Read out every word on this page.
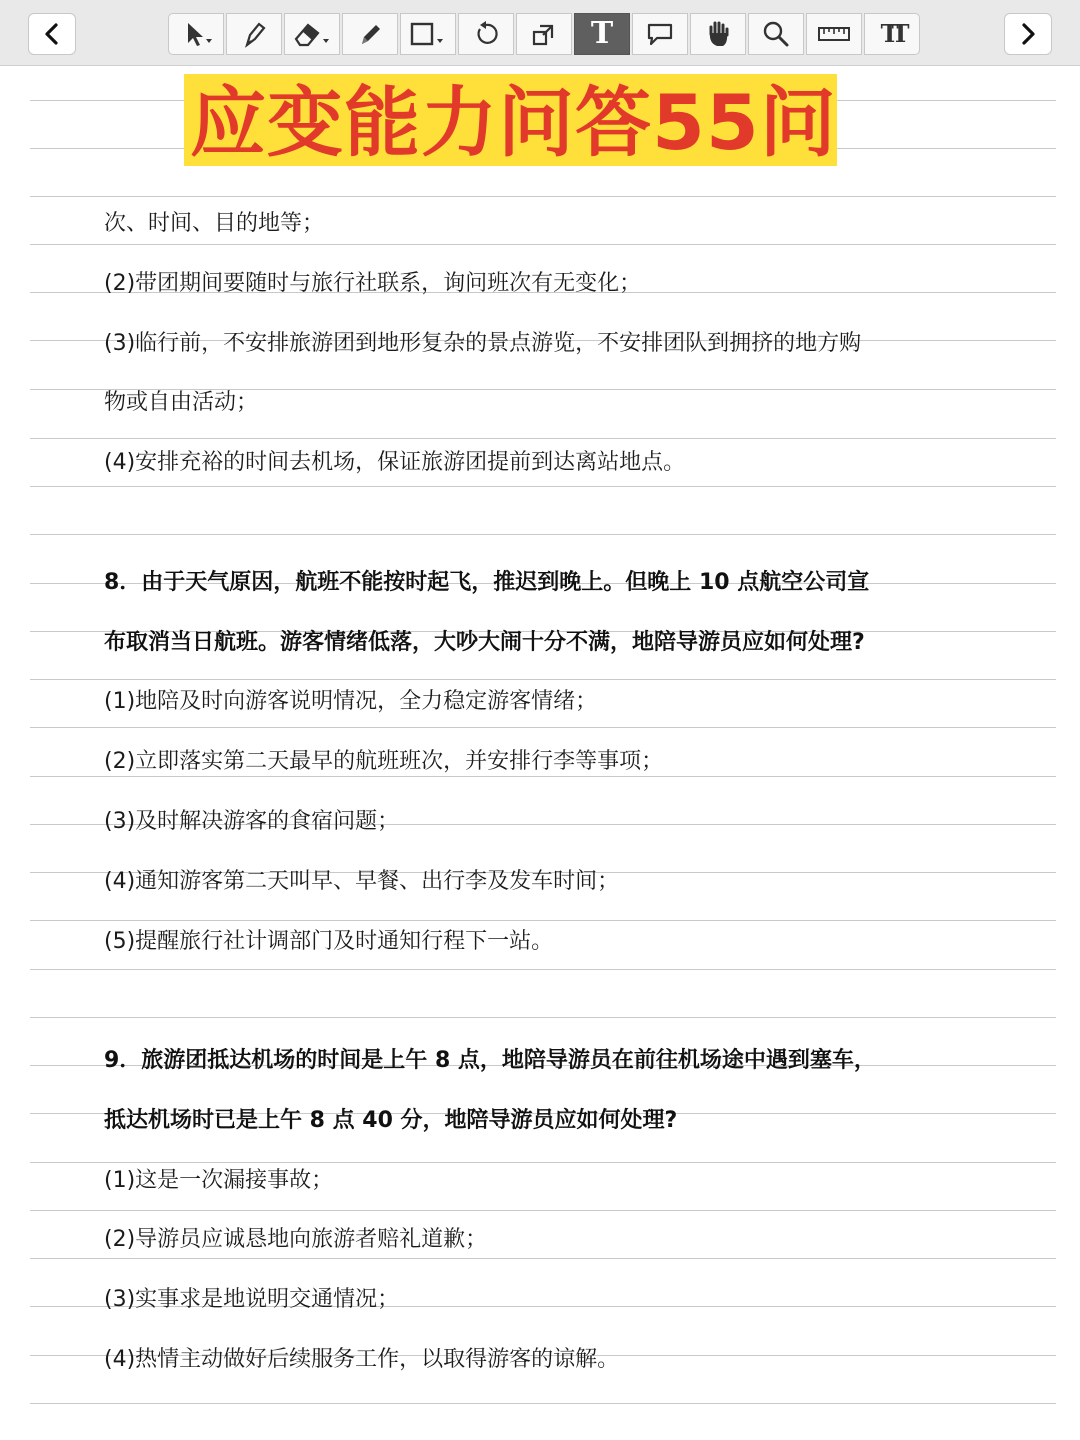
T	TT
应变能力问答55问
次、时间、目的地等；
(2)带团期间要随时与旅行社联系，询问班次有无变化；
(3)临行前，不安排旅游团到地形复杂的景点游览，不安排团队到拥挤的地方购
物或自由活动；
(4)安排充裕的时间去机场，保证旅游团提前到达离站地点。
8．由于天气原因，航班不能按时起飞，推迟到晚上。但晚上 10 点航空公司宣
布取消当日航班。游客情绪低落，大吵大闹十分不满，地陪导游员应如何处理?
(1)地陪及时向游客说明情况，全力稳定游客情绪；
(2)立即落实第二天最早的航班班次，并安排行李等事项；
(3)及时解决游客的食宿问题；
(4)通知游客第二天叫早、早餐、出行李及发车时间；
(5)提醒旅行社计调部门及时通知行程下一站。
9．旅游团抵达机场的时间是上午 8 点，地陪导游员在前往机场途中遇到塞车，
抵达机场时已是上午 8 点 40 分，地陪导游员应如何处理?
(1)这是一次漏接事故；
(2)导游员应诚恳地向旅游者赔礼道歉；
(3)实事求是地说明交通情况；
(4)热情主动做好后续服务工作，以取得游客的谅解。
